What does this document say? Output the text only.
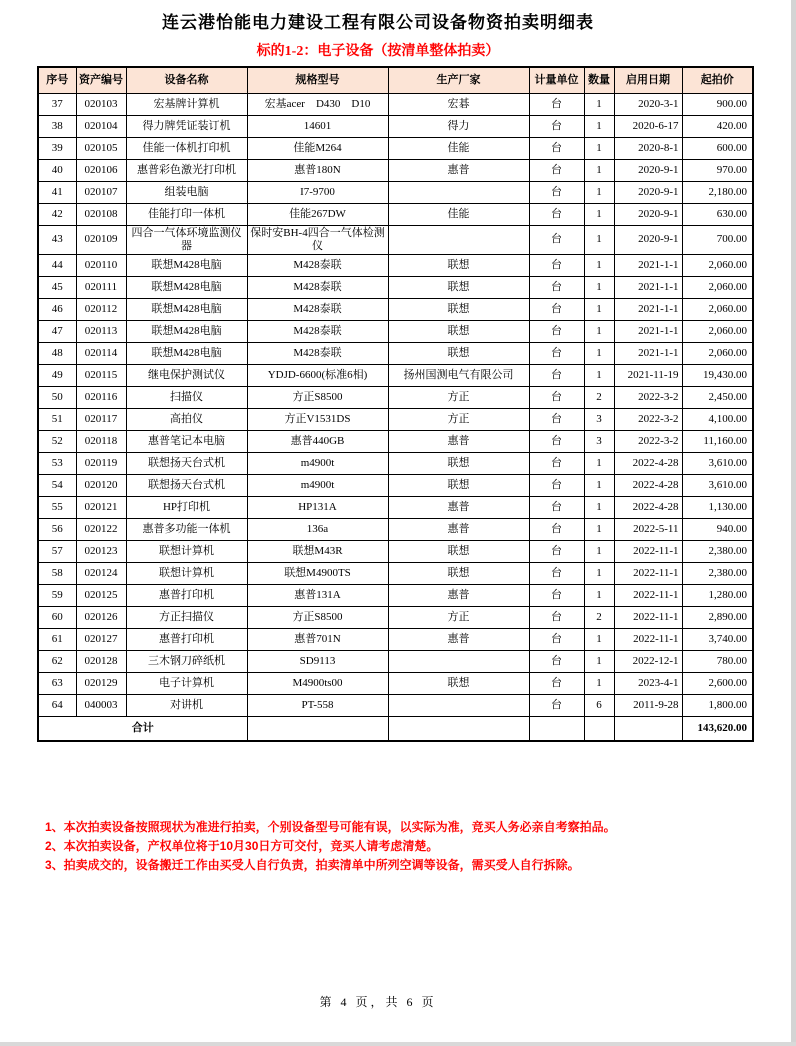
连云港怡能电力建设工程有限公司设备物资拍卖明细表
标的1-2：电子设备（按清单整体拍卖）
序号	资产编号	设备名称	规格型号	生产厂家	计量单位	数量	启用日期	起拍价
37	020103	宏基牌计算机	宏基acer　D430　D10	宏碁	台	1	2020-3-1	900.00
38	020104	得力牌凭证装订机	14601	得力	台	1	2020-6-17	420.00
39	020105	佳能一体机打印机	佳能M264	佳能	台	1	2020-8-1	600.00
40	020106	惠普彩色激光打印机	惠普180N	惠普	台	1	2020-9-1	970.00
41	020107	组装电脑	I7-9700		台	1	2020-9-1	2,180.00
42	020108	佳能打印一体机	佳能267DW	佳能	台	1	2020-9-1	630.00
43	020109	四合一气体环境监测仪器	保时安BH-4四合一气体检测仪		台	1	2020-9-1	700.00
44	020110	联想M428电脑	M428泰联	联想	台	1	2021-1-1	2,060.00
45	020111	联想M428电脑	M428泰联	联想	台	1	2021-1-1	2,060.00
46	020112	联想M428电脑	M428泰联	联想	台	1	2021-1-1	2,060.00
47	020113	联想M428电脑	M428泰联	联想	台	1	2021-1-1	2,060.00
48	020114	联想M428电脑	M428泰联	联想	台	1	2021-1-1	2,060.00
49	020115	继电保护测试仪	YDJD-6600(标准6相)	扬州国测电气有限公司	台	1	2021-11-19	19,430.00
50	020116	扫描仪	方正S8500	方正	台	2	2022-3-2	2,450.00
51	020117	高拍仪	方正V1531DS	方正	台	3	2022-3-2	4,100.00
52	020118	惠普笔记本电脑	惠普440GB	惠普	台	3	2022-3-2	11,160.00
53	020119	联想扬天台式机	m4900t	联想	台	1	2022-4-28	3,610.00
54	020120	联想扬天台式机	m4900t	联想	台	1	2022-4-28	3,610.00
55	020121	HP打印机	HP131A	惠普	台	1	2022-4-28	1,130.00
56	020122	惠普多功能一体机	136a	惠普	台	1	2022-5-11	940.00
57	020123	联想计算机	联想M43R	联想	台	1	2022-11-1	2,380.00
58	020124	联想计算机	联想M4900TS	联想	台	1	2022-11-1	2,380.00
59	020125	惠普打印机	惠普131A	惠普	台	1	2022-11-1	1,280.00
60	020126	方正扫描仪	方正S8500	方正	台	2	2022-11-1	2,890.00
61	020127	惠普打印机	惠普701N	惠普	台	1	2022-11-1	3,740.00
62	020128	三木钢刀碎纸机	SD9113		台	1	2022-12-1	780.00
63	020129	电子计算机	M4900ts00	联想	台	1	2023-4-1	2,600.00
64	040003	对讲机	PT-558		台	6	2011-9-28	1,800.00
合计								143,620.00
1、本次拍卖设备按照现状为准进行拍卖，个别设备型号可能有误，以实际为准，竞买人务必亲自考察拍品。
2、本次拍卖设备，产权单位将于10月30日方可交付，竞买人请考虑清楚。
3、拍卖成交的，设备搬迁工作由买受人自行负责，拍卖清单中所列空调等设备，需买受人自行拆除。
第 4 页，共 6 页
